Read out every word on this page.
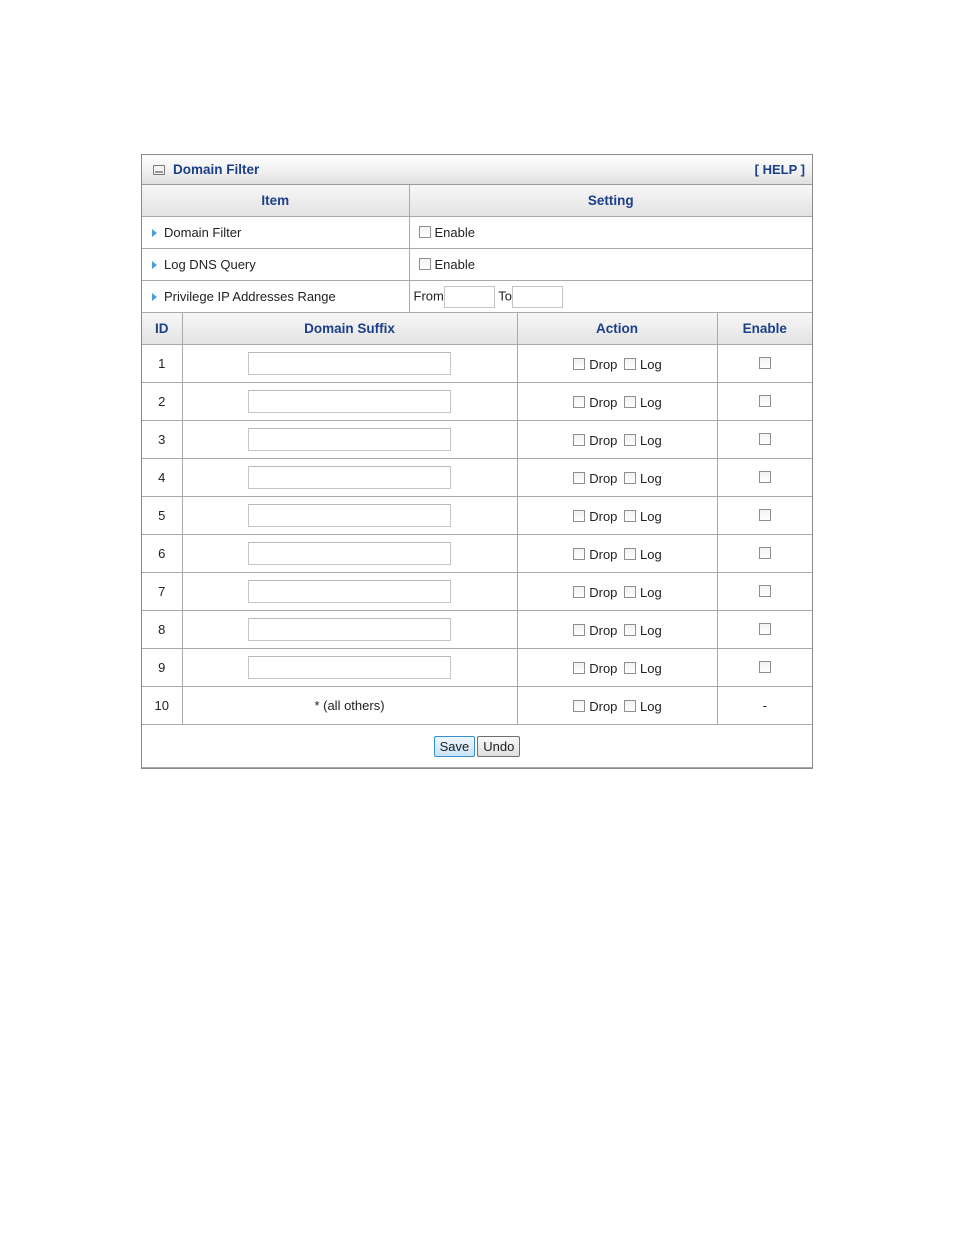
Domain Filter	[ HELP ]
Item	Setting
Domain Filter	Enable
Log DNS Query	Enable
Privilege IP Addresses Range	From To
ID	Domain Suffix	Action	Enable
1		Drop Log	
2		Drop Log	
3		Drop Log	
4		Drop Log	
5		Drop Log	
6		Drop Log	
7		Drop Log	
8		Drop Log	
9		Drop Log	
10	* (all others)	Drop Log	-
Save Undo			
